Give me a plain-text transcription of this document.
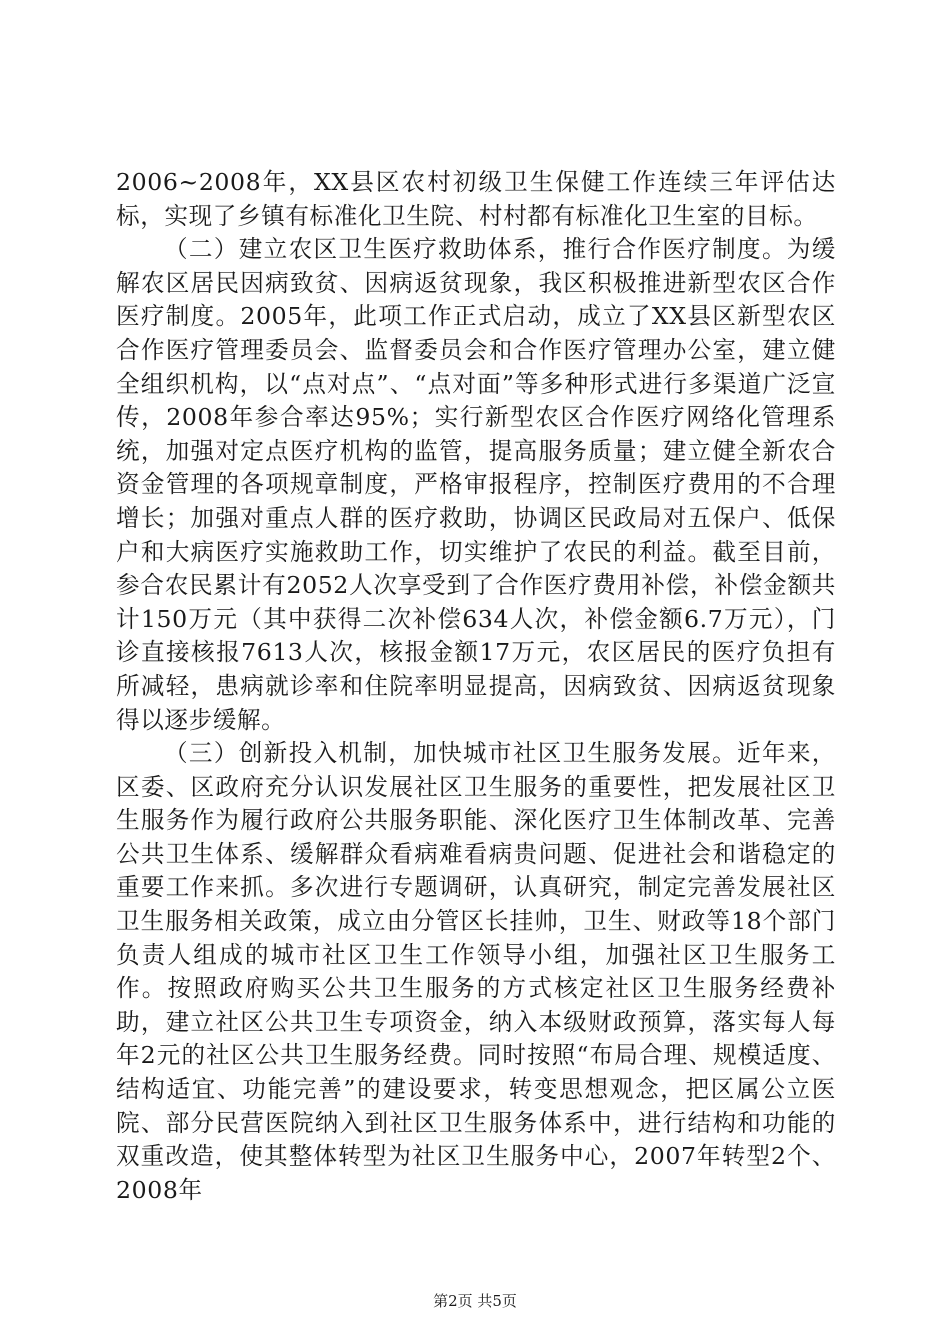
2006~2008年，XX县区农村初级卫生保健工作连续三年评估达标，实现了乡镇有标准化卫生院、村村都有标准化卫生室的目标。

（二）建立农区卫生医疗救助体系，推行合作医疗制度。为缓解农区居民因病致贫、因病返贫现象，我区积极推进新型农区合作医疗制度。2005年，此项工作正式启动，成立了XX县区新型农区合作医疗管理委员会、监督委员会和合作医疗管理办公室，建立健全组织机构，以“点对点”、“点对面”等多种形式进行多渠道广泛宣传，2008年参合率达95%；实行新型农区合作医疗网络化管理系统，加强对定点医疗机构的监管，提高服务质量；建立健全新农合资金管理的各项规章制度，严格审报程序，控制医疗费用的不合理增长；加强对重点人群的医疗救助，协调区民政局对五保户、低保户和大病医疗实施救助工作，切实维护了农民的利益。截至目前，参合农民累计有2052人次享受到了合作医疗费用补偿，补偿金额共计150万元（其中获得二次补偿634人次，补偿金额6.7万元），门诊直接核报7613人次，核报金额17万元，农区居民的医疗负担有所减轻，患病就诊率和住院率明显提高，因病致贫、因病返贫现象得以逐步缓解。

（三）创新投入机制，加快城市社区卫生服务发展。近年来，区委、区政府充分认识发展社区卫生服务的重要性，把发展社区卫生服务作为履行政府公共服务职能、深化医疗卫生体制改革、完善公共卫生体系、缓解群众看病难看病贵问题、促进社会和谐稳定的重要工作来抓。多次进行专题调研，认真研究，制定完善发展社区卫生服务相关政策，成立由分管区长挂帅，卫生、财政等18个部门负责人组成的城市社区卫生工作领导小组，加强社区卫生服务工作。按照政府购买公共卫生服务的方式核定社区卫生服务经费补助，建立社区公共卫生专项资金，纳入本级财政预算，落实每人每年2元的社区公共卫生服务经费。同时按照“布局合理、规模适度、结构适宜、功能完善”的建设要求，转变思想观念，把区属公立医院、部分民营医院纳入到社区卫生服务体系中，进行结构和功能的双重改造，使其整体转型为社区卫生服务中心，2007年转型2个、2008年

第2页 共5页
